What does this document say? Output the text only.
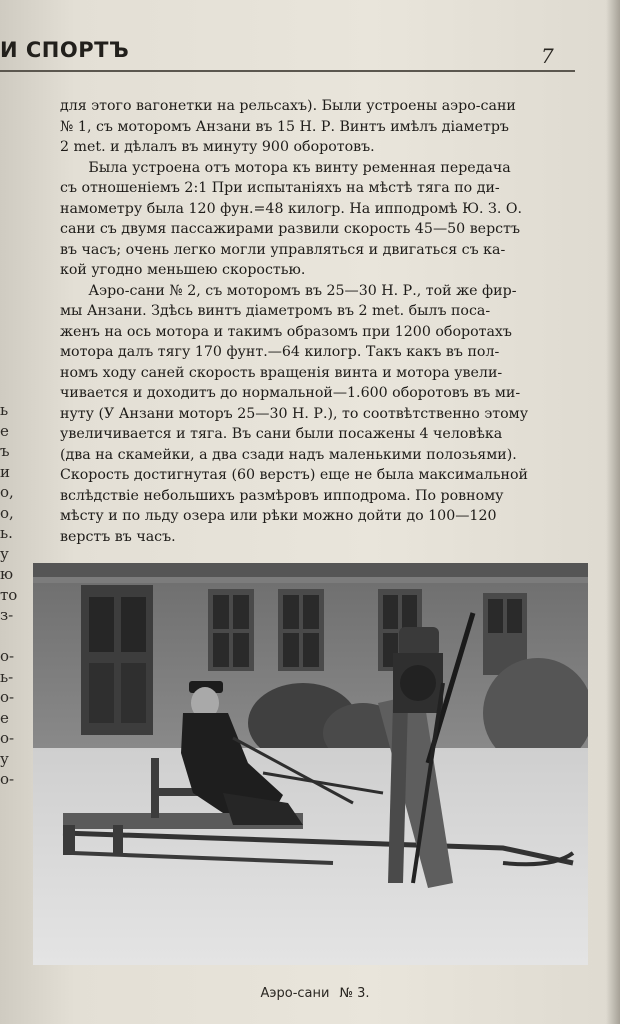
И СПОРТЪ	7
ь
е
ъ
и
о,
о,
ь.
у
ю
то
з-
о-
ь-
о-
е
о-
у
о-
для этого вагонетки на рельсахъ). Были устроены аэро-сани
№ 1, съ моторомъ Анзани въ 15 Н. Р. Винтъ имѣлъ діаметръ
2 met. и дѣлалъ въ минуту 900 оборотовъ.
Была устроена отъ мотора къ винту ременная передача
съ отношеніемъ 2:1 При испытаніяхъ на мѣстѣ тяга по ди-
намометру была 120 фун.=48 килогр. На ипподромѣ Ю. З. О.
сани съ двумя пассажирами развили скорость 45—50 верстъ
въ часъ; очень легко могли управляться и двигаться съ ка-
кой угодно меньшею скоростью.
Аэро-сани № 2, съ моторомъ въ 25—30 Н. Р., той же фир-
мы Анзани. Здѣсь винтъ діаметромъ въ 2 met. былъ поса-
женъ на ось мотора и такимъ образомъ при 1200 оборотахъ
мотора далъ тягу 170 фунт.—64 килогр. Такъ какъ въ пол-
номъ ходу саней скорость вращенія винта и мотора увели-
чивается и доходитъ до нормальной—1.600 оборотовъ въ ми-
нуту (У Анзани моторъ 25—30 Н. Р.), то соотвѣтственно этому
увеличивается и тяга. Въ сани были посажены 4 человѣка
(два на скамейки, а два сзади надъ маленькими полозьями).
Скорость достигнутая (60 верстъ) еще не была максимальной
вслѣдствіе небольшихъ размѣровъ ипподрома. По ровному
мѣсту и по льду озера или рѣки можно дойти до 100—120
верстъ въ часъ.
Аэро-сани № 3.
